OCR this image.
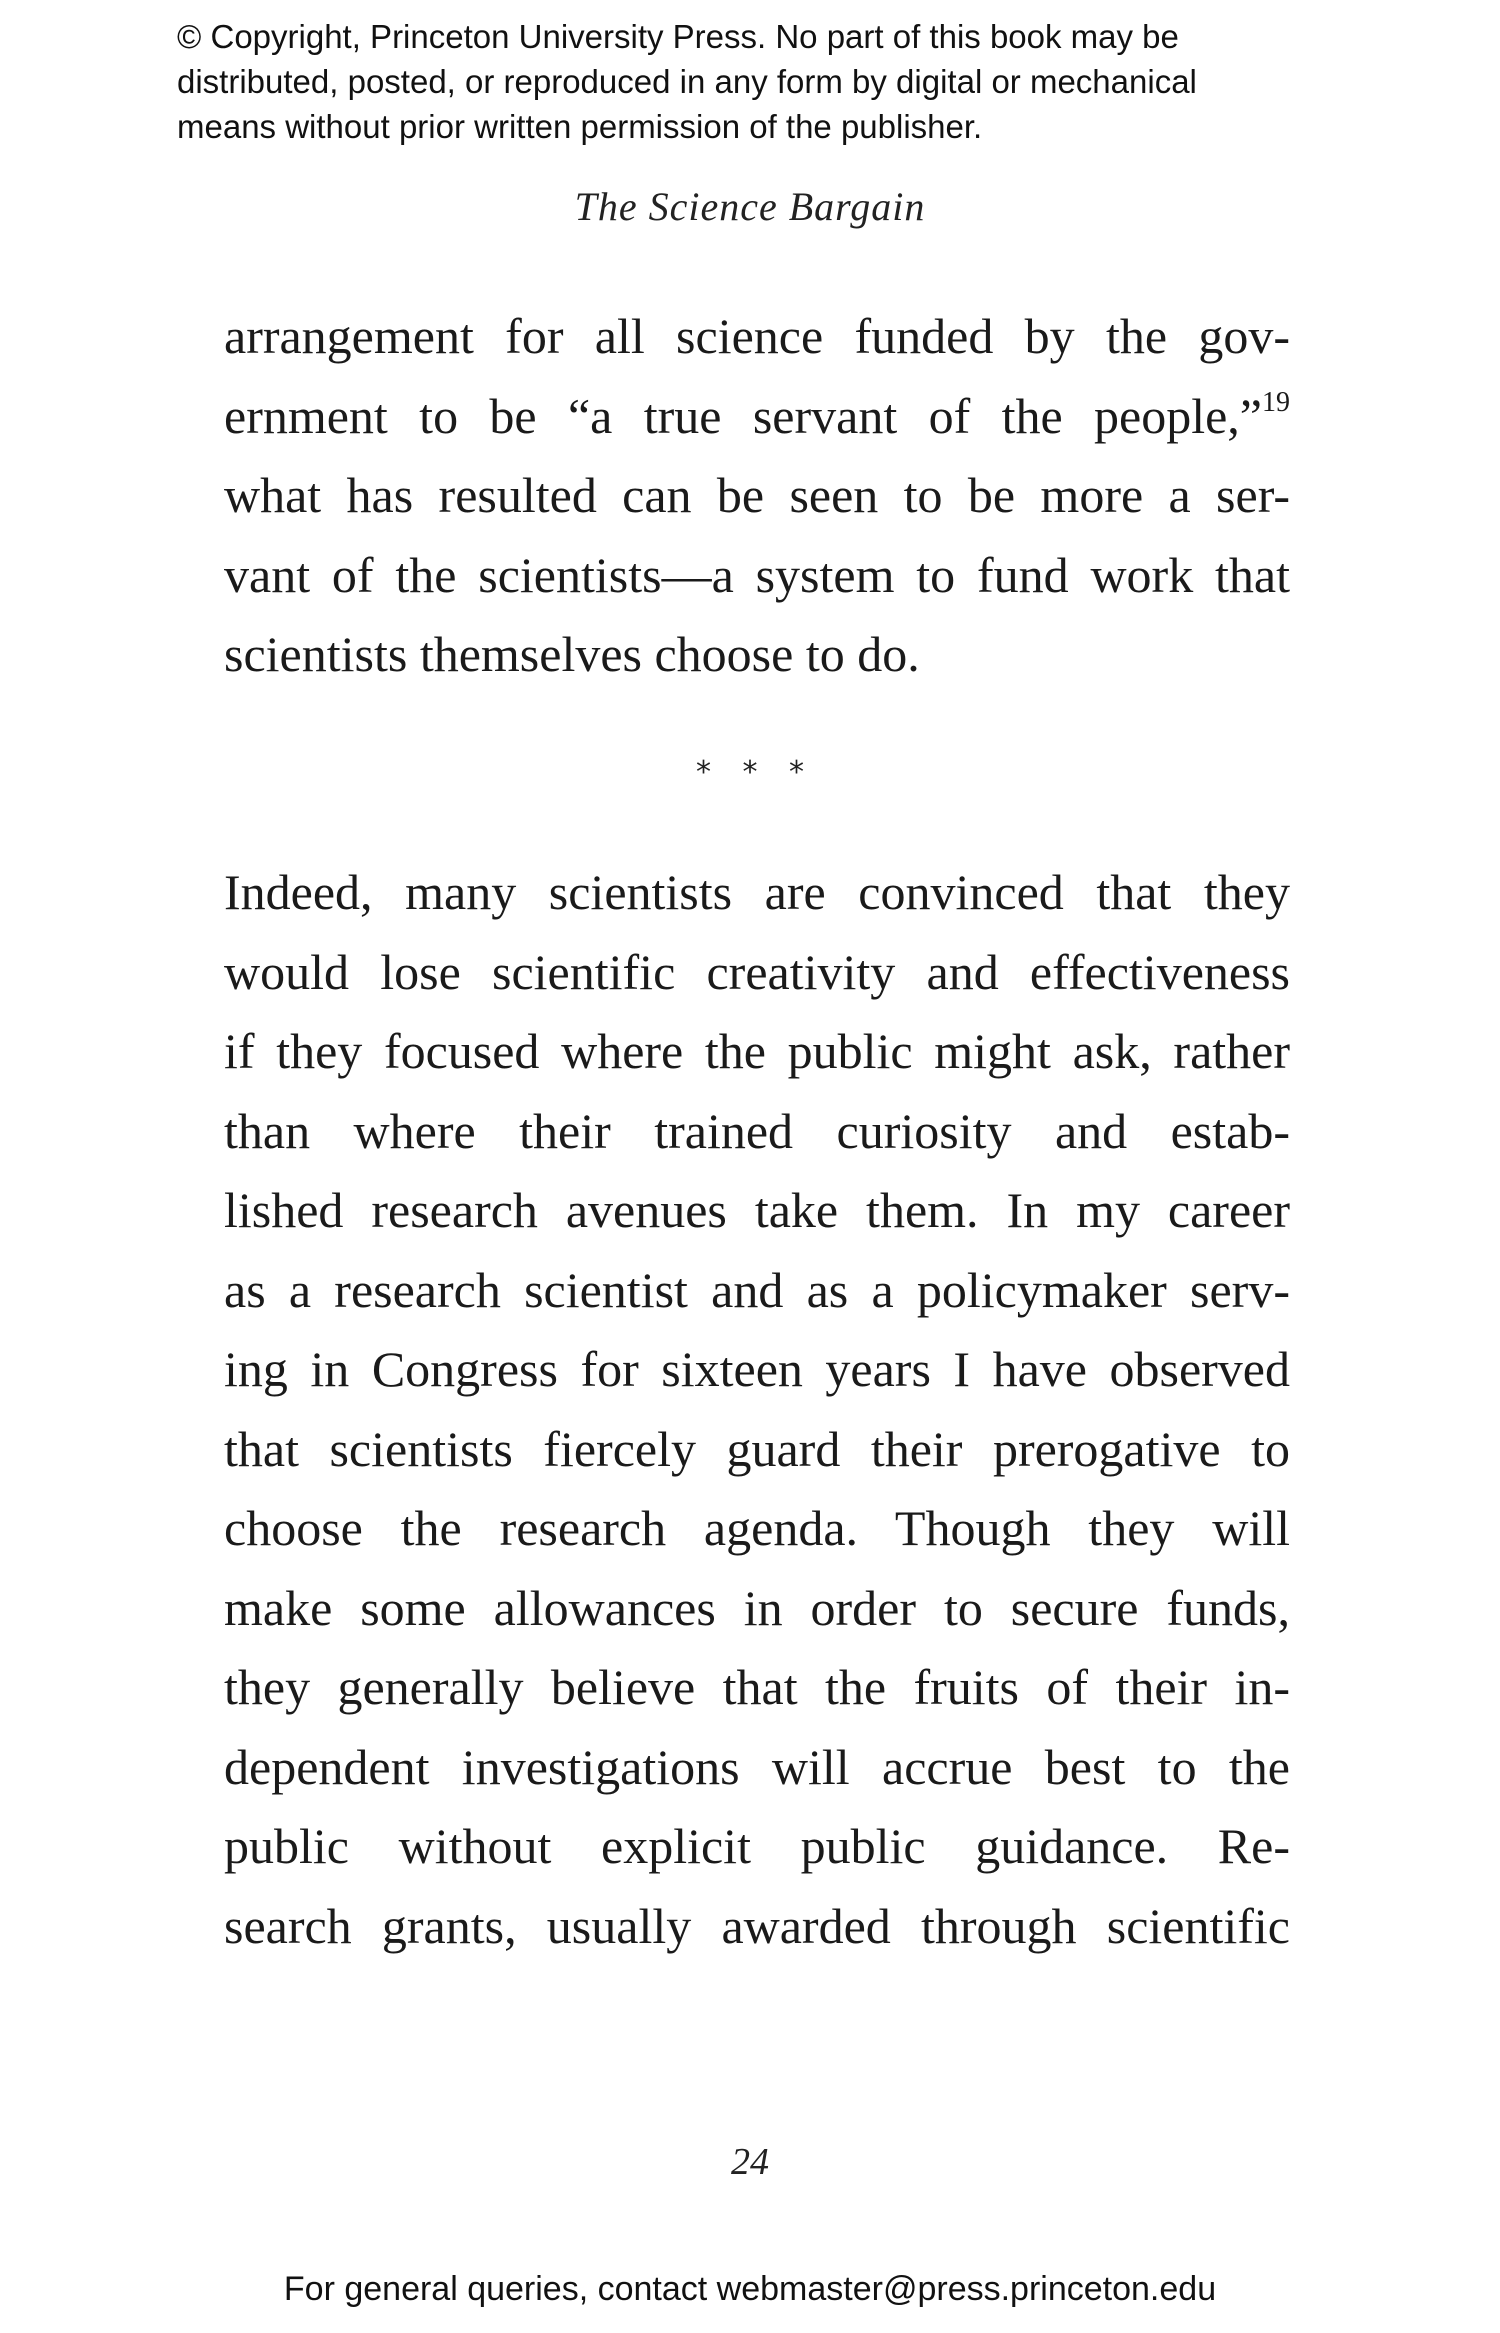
© Copyright, Princeton University Press. No part of this book may be
distributed, posted, or reproduced in any form by digital or mechanical
means without prior written permission of the publisher.
The Science Bargain
arrangement for all science funded by the gov-
ernment to be “a true servant of the people,”$^{19}$
what has resulted can be seen to be more a ser-
vant of the scientists—a system to fund work that
scientists themselves choose to do.
* * *
Indeed, many scientists are convinced that they
would lose scientific creativity and effectiveness
if they focused where the public might ask, rather
than where their trained curiosity and estab-
lished research avenues take them. In my career
as a research scientist and as a policymaker serv-
ing in Congress for sixteen years I have observed
that scientists fiercely guard their prerogative to
choose the research agenda. Though they will
make some allowances in order to secure funds,
they generally believe that the fruits of their in-
dependent investigations will accrue best to the
public without explicit public guidance. Re-
search grants, usually awarded through scientific
24
For general queries, contact webmaster@press.princeton.edu
